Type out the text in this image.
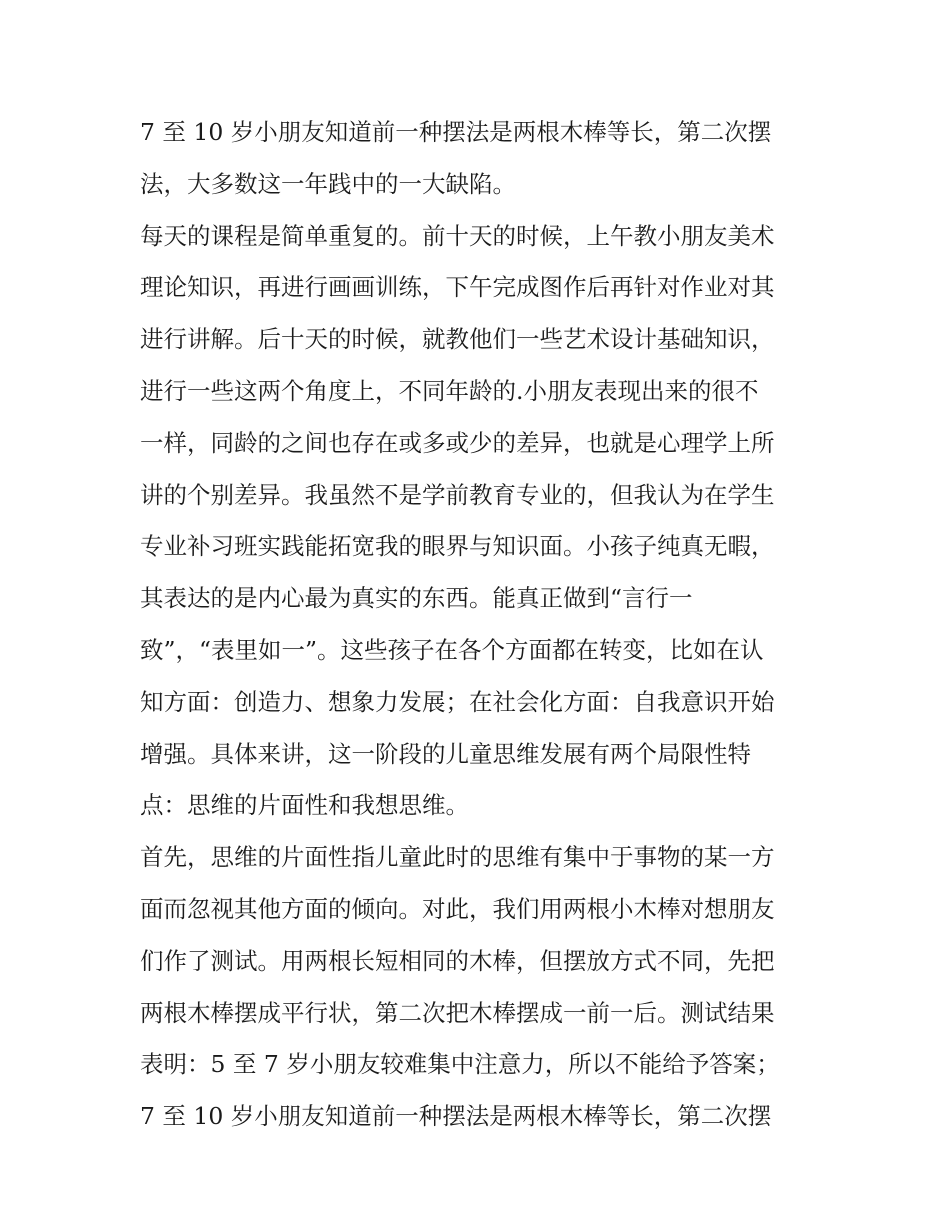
7 至 10 岁小朋友知道前一种摆法是两根木棒等长，第二次摆
法，大多数这一年践中的一大缺陷。
每天的课程是简单重复的。前十天的时候，上午教小朋友美术
理论知识，再进行画画训练，下午完成图作后再针对作业对其
进行讲解。后十天的时候，就教他们一些艺术设计基础知识，
进行一些这两个角度上，不同年龄的.小朋友表现出来的很不
一样，同龄的之间也存在或多或少的差异，也就是心理学上所
讲的个别差异。我虽然不是学前教育专业的，但我认为在学生
专业补习班实践能拓宽我的眼界与知识面。小孩子纯真无暇，
其表达的是内心最为真实的东西。能真正做到“言行一
致”，“表里如一”。这些孩子在各个方面都在转变，比如在认
知方面：创造力、想象力发展；在社会化方面：自我意识开始
增强。具体来讲，这一阶段的儿童思维发展有两个局限性特
点：思维的片面性和我想思维。
首先，思维的片面性指儿童此时的思维有集中于事物的某一方
面而忽视其他方面的倾向。对此，我们用两根小木棒对想朋友
们作了测试。用两根长短相同的木棒，但摆放方式不同，先把
两根木棒摆成平行状，第二次把木棒摆成一前一后。测试结果
表明：5 至 7 岁小朋友较难集中注意力，所以不能给予答案；
7 至 10 岁小朋友知道前一种摆法是两根木棒等长，第二次摆
